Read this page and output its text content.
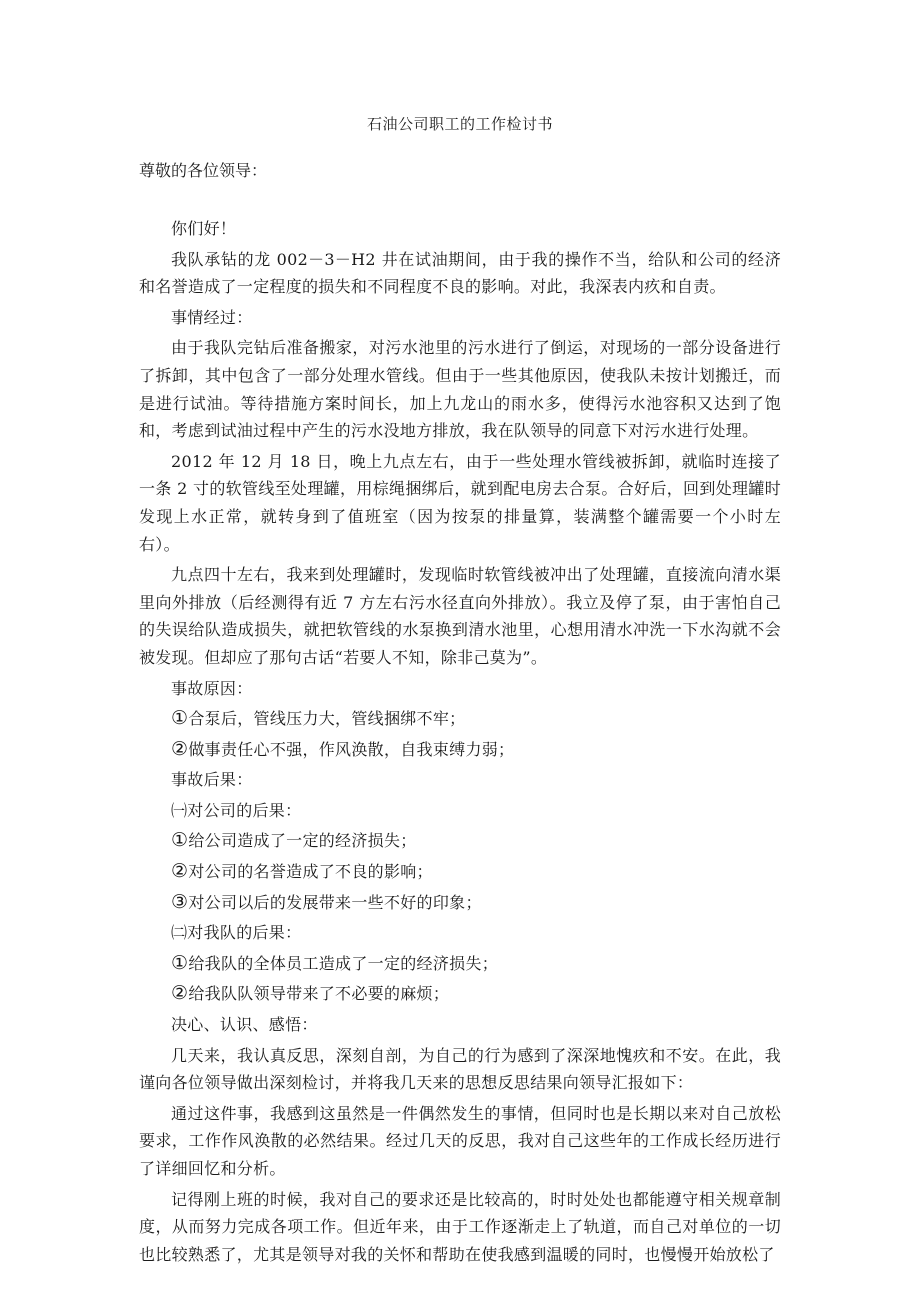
石油公司职工的工作检讨书
尊敬的各位领导：

你们好！

我队承钻的龙 002－3－H2 井在试油期间，由于我的操作不当，给队和公司的经济和名誉造成了一定程度的损失和不同程度不良的影响。对此，我深表内疚和自责。

事情经过：

由于我队完钻后准备搬家，对污水池里的污水进行了倒运，对现场的一部分设备进行了拆卸，其中包含了一部分处理水管线。但由于一些其他原因，使我队未按计划搬迁，而是进行试油。等待措施方案时间长，加上九龙山的雨水多，使得污水池容积又达到了饱和，考虑到试油过程中产生的污水没地方排放，我在队领导的同意下对污水进行处理。

2012 年 12 月 18 日，晚上九点左右，由于一些处理水管线被拆卸，就临时连接了一条 2 寸的软管线至处理罐，用棕绳捆绑后，就到配电房去合泵。合好后，回到处理罐时发现上水正常，就转身到了值班室（因为按泵的排量算，装满整个罐需要一个小时左右）。

九点四十左右，我来到处理罐时，发现临时软管线被冲出了处理罐，直接流向清水渠里向外排放（后经测得有近 7 方左右污水径直向外排放）。我立及停了泵，由于害怕自己的失误给队造成损失，就把软管线的水泵换到清水池里，心想用清水冲洗一下水沟就不会被发现。但却应了那句古话“若要人不知，除非己莫为”。

事故原因：

①合泵后，管线压力大，管线捆绑不牢；

②做事责任心不强，作风涣散，自我束缚力弱；

事故后果：

㈠对公司的后果：

①给公司造成了一定的经济损失；

②对公司的名誉造成了不良的影响；

③对公司以后的发展带来一些不好的印象；

㈡对我队的后果：

①给我队的全体员工造成了一定的经济损失；

②给我队队领导带来了不必要的麻烦；

决心、认识、感悟：

几天来，我认真反思，深刻自剖，为自己的行为感到了深深地愧疚和不安。在此，我谨向各位领导做出深刻检讨，并将我几天来的思想反思结果向领导汇报如下：

通过这件事，我感到这虽然是一件偶然发生的事情，但同时也是长期以来对自己放松要求，工作作风涣散的必然结果。经过几天的反思，我对自己这些年的工作成长经历进行了详细回忆和分析。

记得刚上班的时候，我对自己的要求还是比较高的，时时处处也都能遵守相关规章制度，从而努力完成各项工作。但近年来，由于工作逐渐走上了轨道，而自己对单位的一切也比较熟悉了，尤其是领导对我的关怀和帮助在使我感到温暖的同时，也慢慢开始放松了
